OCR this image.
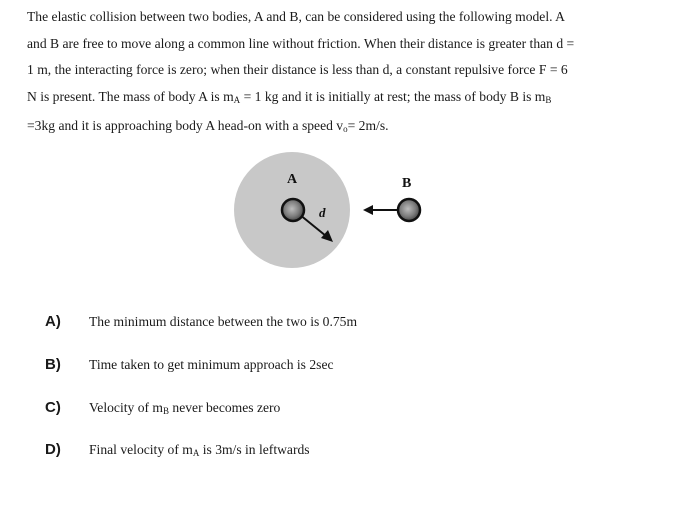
The elastic collision between two bodies, A and B, can be considered using the following model. A
and B are free to move along a common line without friction. When their distance is greater than d =
1 m, the interacting force is zero; when their distance is less than d, a constant repulsive force F = 6
N is present. The mass of body A is $m_A = 1$ kg and it is initially at rest; the mass of body B is $m_B$
=3kg and it is approaching body A head-on with a speed $v_o= 2m/s$.
A
d
B
A)	The minimum distance between the two is 0.75m
B)	Time taken to get minimum approach is 2sec
C)	Velocity of $m_B$ never becomes zero
D)	Final velocity of $m_A$ is 3m/s in leftwards
